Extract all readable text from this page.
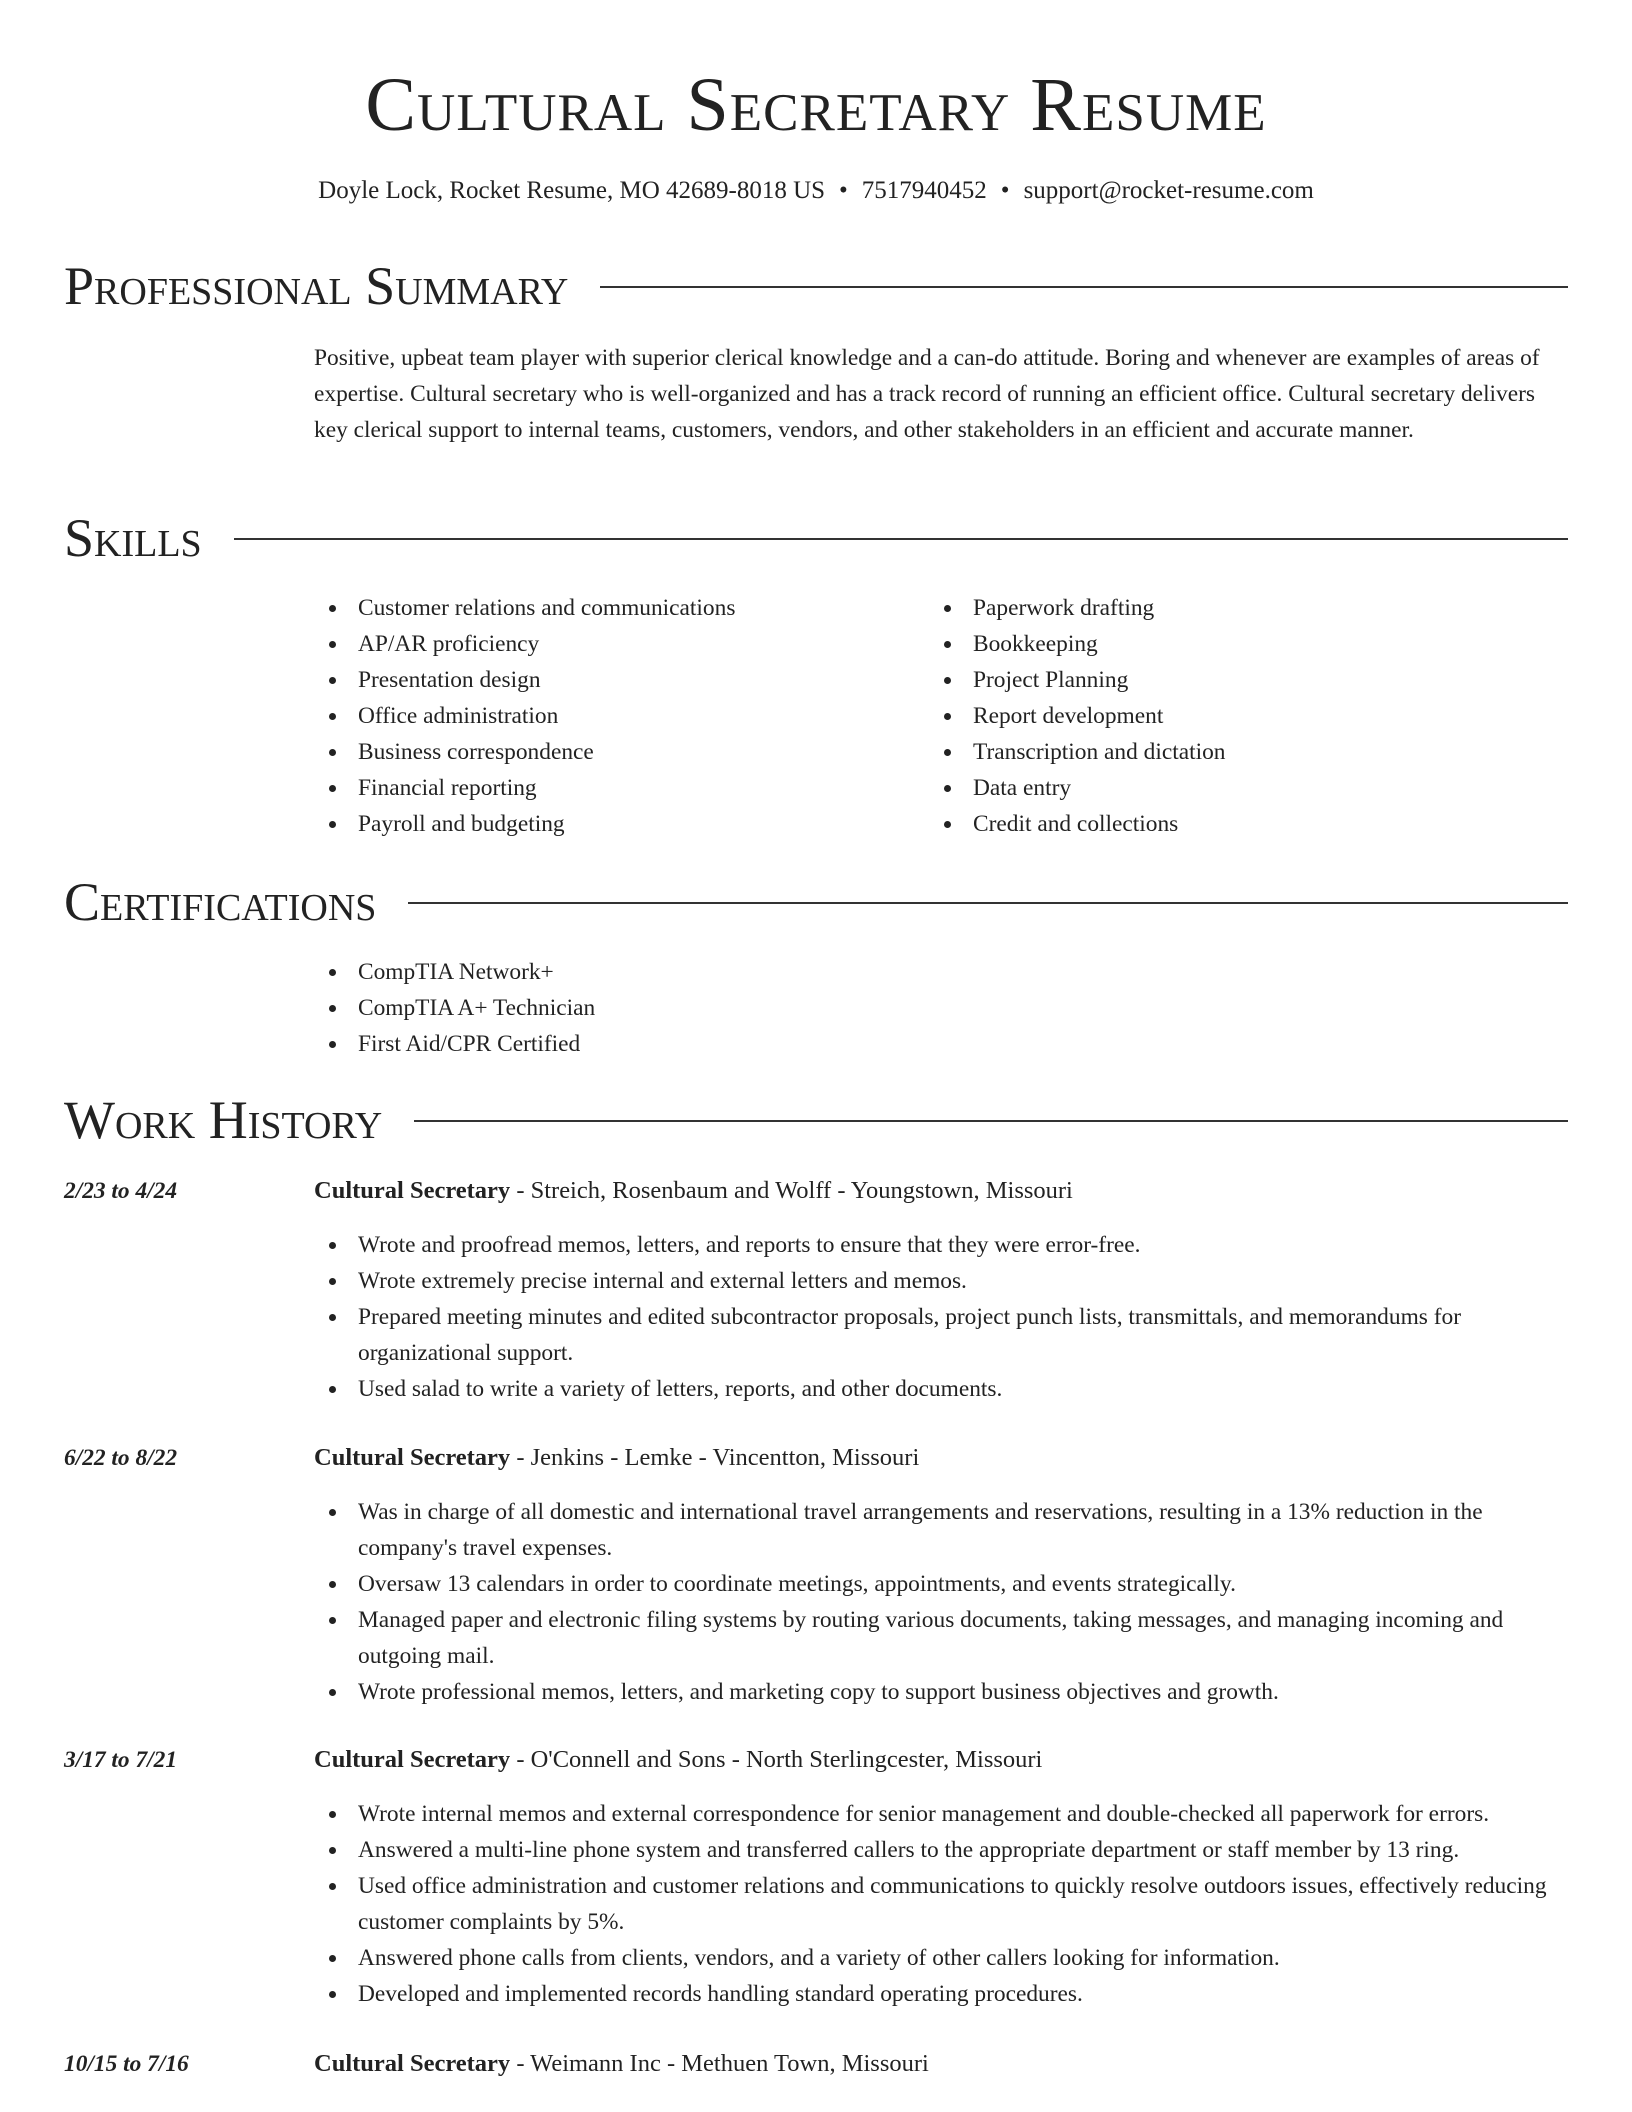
Cultural Secretary Resume
Doyle Lock, Rocket Resume, MO 42689-8018 US • 7517940452 • support@rocket-resume.com
Professional Summary

Positive, upbeat team player with superior clerical knowledge and a can-do attitude. Boring and whenever are examples of areas of expertise. Cultural secretary who is well-organized and has a track record of running an efficient office. Cultural secretary delivers key clerical support to internal teams, customers, vendors, and other stakeholders in an efficient and accurate manner.

Skills
Customer relations and communications
AP/AR proficiency
Presentation design
Office administration
Business correspondence
Financial reporting
Payroll and budgeting
Paperwork drafting
Bookkeeping
Project Planning
Report development
Transcription and dictation
Data entry
Credit and collections
Certifications
CompTIA Network+
CompTIA A+ Technician
First Aid/CPR Certified
Work History
2/23 to 4/24	Cultural Secretary - Streich, Rosenbaum and Wolff - Youngstown, Missouri
Wrote and proofread memos, letters, and reports to ensure that they were error-free.
Wrote extremely precise internal and external letters and memos.
Prepared meeting minutes and edited subcontractor proposals, project punch lists, transmittals, and memorandums for organizational support.
Used salad to write a variety of letters, reports, and other documents.
6/22 to 8/22	Cultural Secretary - Jenkins - Lemke - Vincentton, Missouri
Was in charge of all domestic and international travel arrangements and reservations, resulting in a 13% reduction in the company's travel expenses.
Oversaw 13 calendars in order to coordinate meetings, appointments, and events strategically.
Managed paper and electronic filing systems by routing various documents, taking messages, and managing incoming and outgoing mail.
Wrote professional memos, letters, and marketing copy to support business objectives and growth.
3/17 to 7/21	Cultural Secretary - O'Connell and Sons - North Sterlingcester, Missouri
Wrote internal memos and external correspondence for senior management and double-checked all paperwork for errors.
Answered a multi-line phone system and transferred callers to the appropriate department or staff member by 13 ring.
Used office administration and customer relations and communications to quickly resolve outdoors issues, effectively reducing customer complaints by 5%.
Answered phone calls from clients, vendors, and a variety of other callers looking for information.
Developed and implemented records handling standard operating procedures.
10/15 to 7/16	Cultural Secretary - Weimann Inc - Methuen Town, Missouri
